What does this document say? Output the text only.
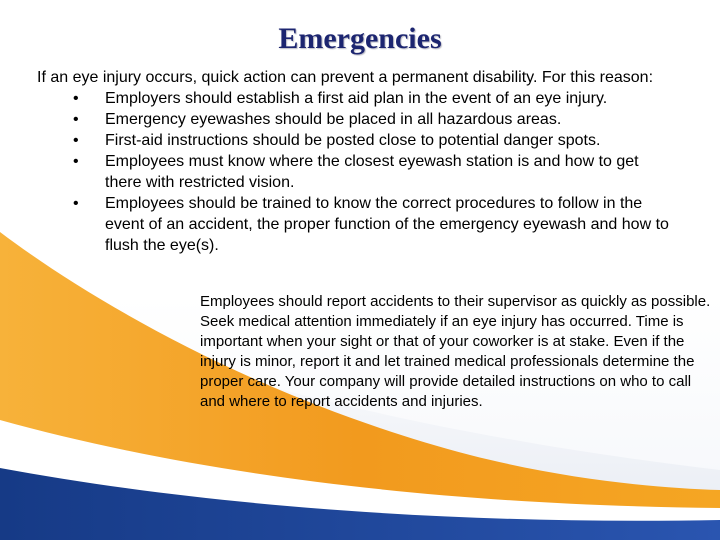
Emergencies

If an eye injury occurs, quick action can prevent a permanent disability. For this reason:

• Employers should establish a first aid plan in the event of an eye injury.
• Emergency eyewashes should be placed in all hazardous areas.
• First-aid instructions should be posted close to potential danger spots.
• Employees must know where the closest eyewash station is and how to get there with restricted vision.
• Employees should be trained to know the correct procedures to follow in the event of an accident, the proper function of the emergency eyewash and how to flush the eye(s).

Employees should report accidents to their supervisor as quickly as possible. Seek medical attention immediately if an eye injury has occurred. Time is important when your sight or that of your coworker is at stake. Even if the injury is minor, report it and let trained medical professionals determine the proper care. Your company will provide detailed instructions on who to call and where to report accidents and injuries.
